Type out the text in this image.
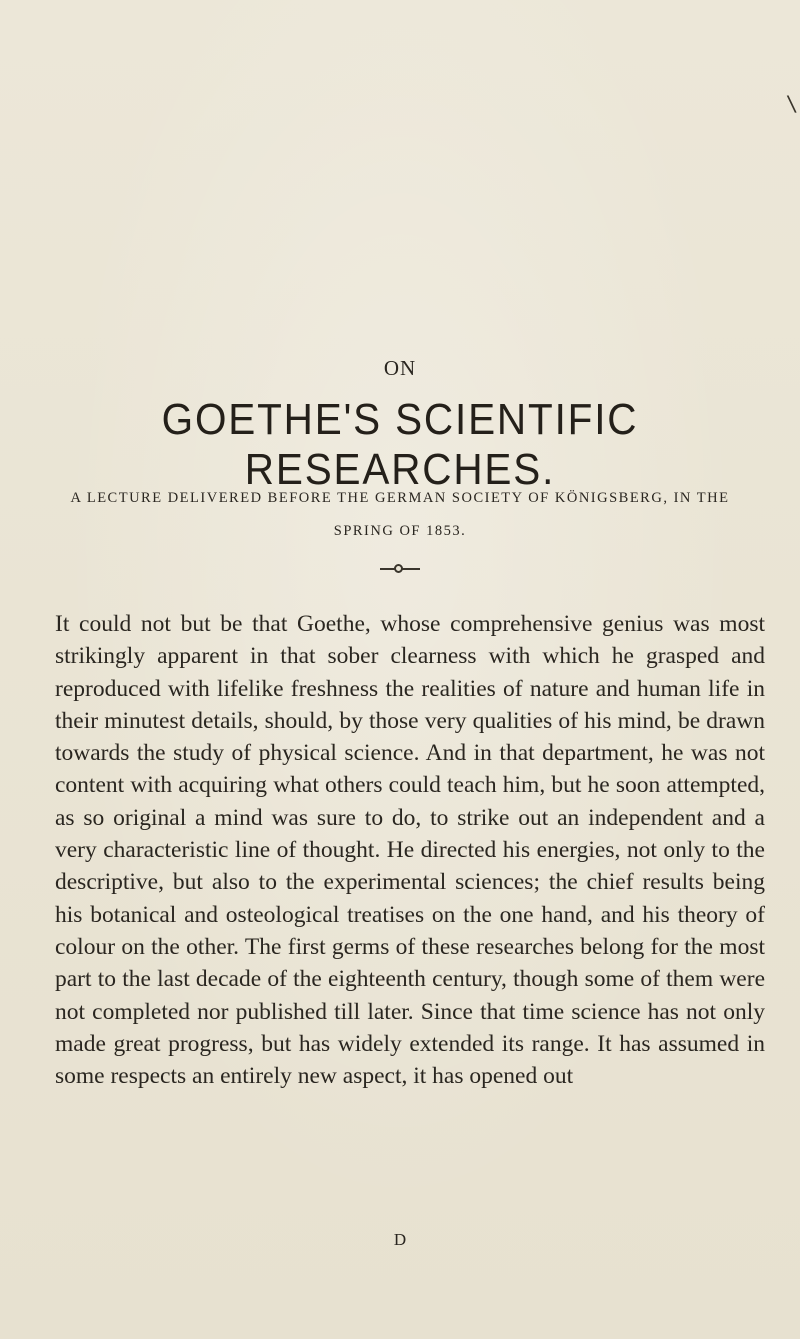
\
ON
GOETHE'S SCIENTIFIC RESEARCHES.
A LECTURE DELIVERED BEFORE THE GERMAN SOCIETY OF KÖNIGSBERG, IN THE SPRING OF 1853.

It could not but be that Goethe, whose comprehensive genius was most strikingly apparent in that sober clearness with which he grasped and reproduced with lifelike freshness the realities of nature and human life in their minutest details, should, by those very qualities of his mind, be drawn towards the study of physical science. And in that department, he was not content with acquiring what others could teach him, but he soon attempted, as so original a mind was sure to do, to strike out an independent and a very characteristic line of thought. He directed his energies, not only to the descriptive, but also to the experimental sciences; the chief results being his botanical and osteological treatises on the one hand, and his theory of colour on the other. The first germs of these researches belong for the most part to the last decade of the eighteenth century, though some of them were not completed nor published till later. Since that time science has not only made great progress, but has widely extended its range. It has assumed in some respects an entirely new aspect, it has opened out

D
